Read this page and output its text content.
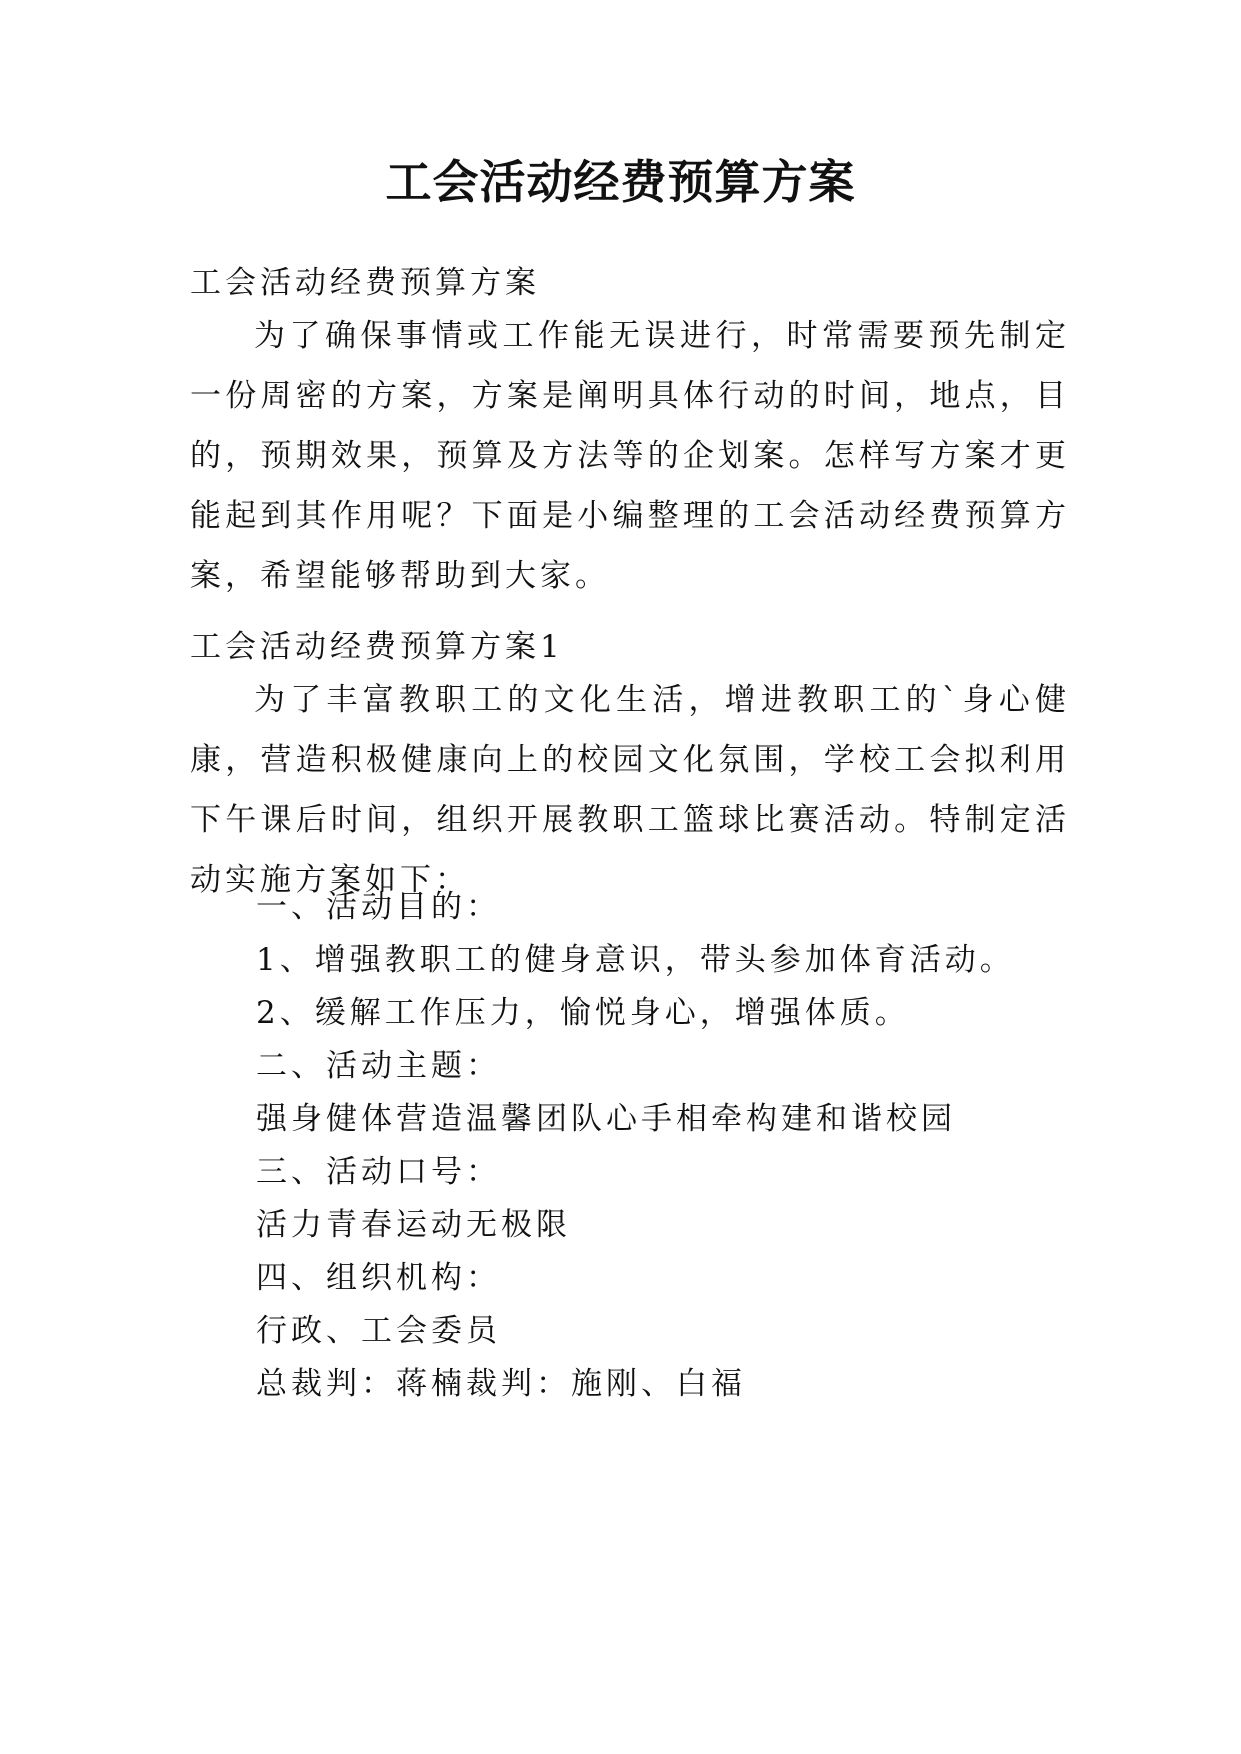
工会活动经费预算方案
工会活动经费预算方案
为了确保事情或工作能无误进行，时常需要预先制定一份周密的方案，方案是阐明具体行动的时间，地点，目的，预期效果，预算及方法等的企划案。怎样写方案才更能起到其作用呢？下面是小编整理的工会活动经费预算方案，希望能够帮助到大家。
工会活动经费预算方案1
为了丰富教职工的文化生活，增进教职工的`身心健康，营造积极健康向上的校园文化氛围，学校工会拟利用下午课后时间，组织开展教职工篮球比赛活动。特制定活动实施方案如下：
一、活动目的：
1、增强教职工的健身意识，带头参加体育活动。
2、缓解工作压力，愉悦身心，增强体质。
二、活动主题：
强身健体营造温馨团队心手相牵构建和谐校园
三、活动口号：
活力青春运动无极限
四、组织机构：
行政、工会委员
总裁判：蒋楠裁判：施刚、白福
